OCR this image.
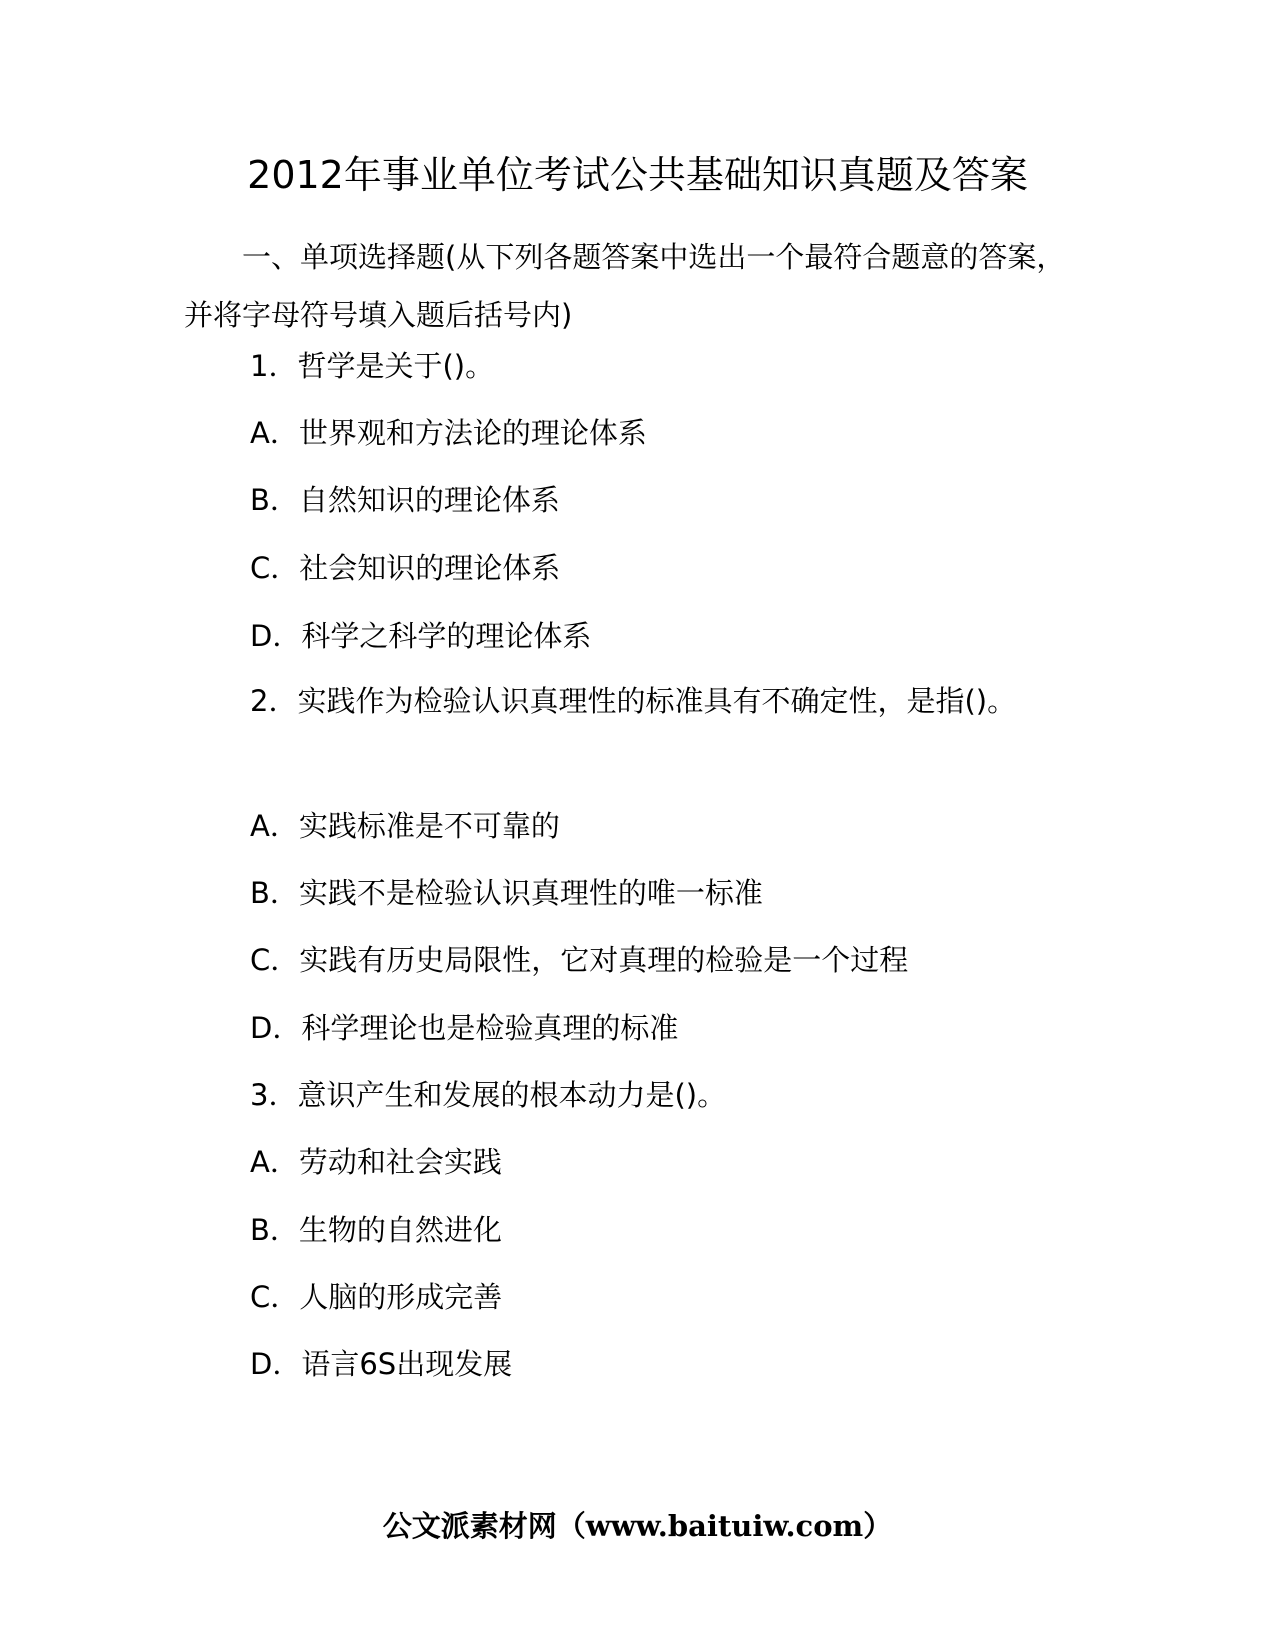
2012年事业单位考试公共基础知识真题及答案

一、单项选择题(从下列各题答案中选出一个最符合题意的答案，并将字母符号填入题后括号内)

1．哲学是关于()。

A．世界观和方法论的理论体系

B．自然知识的理论体系

C．社会知识的理论体系

D．科学之科学的理论体系

2．实践作为检验认识真理性的标准具有不确定性，是指()。

A．实践标准是不可靠的

B．实践不是检验认识真理性的唯一标准

C．实践有历史局限性，它对真理的检验是一个过程

D．科学理论也是检验真理的标准

3．意识产生和发展的根本动力是()。

A．劳动和社会实践

B．生物的自然进化

C．人脑的形成完善

D．语言6S出现发展

公文派素材网（www.baituiw.com）
